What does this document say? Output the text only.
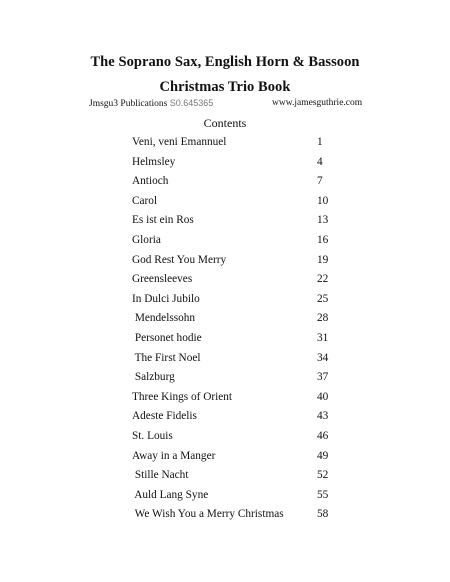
The Soprano Sax, English Horn & Bassoon
Christmas Trio Book
Jmsgu3 Publications S0.645365	www.jamesguthrie.com
Contents
Veni, veni Emannuel	1
Helmsley	4
Antioch	7
Carol	10
Es ist ein Ros	13
Gloria	16
God Rest You Merry	19
Greensleeves	22
In Dulci Jubilo	25
Mendelssohn	28
Personet hodie	31
The First Noel	34
Salzburg	37
Three Kings of Orient	40
Adeste Fidelis	43
St. Louis	46
Away in a Manger	49
Stille Nacht	52
Auld Lang Syne	55
We Wish You a Merry Christmas	58
